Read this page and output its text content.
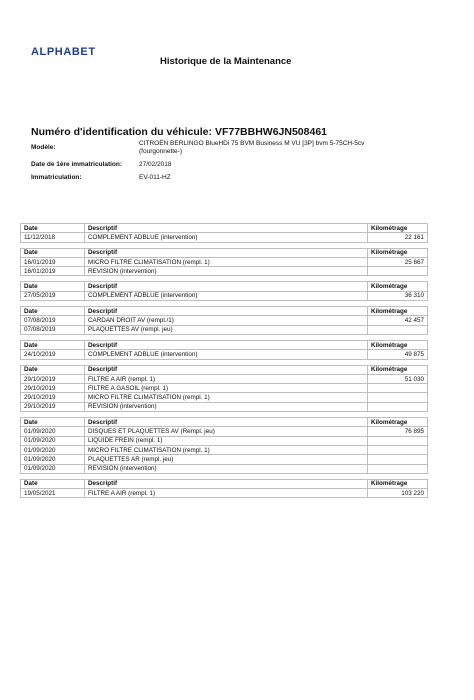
ALPHABET
Historique de la Maintenance
Numéro d'identification du véhicule: VF77BBHW6JN508461
Modèle:
CITROËN BERLINGO BlueHDi 75 BVM Business M VU [3P] bvm 5-75CH-5cv (fourgonnette-)
Date de 1ère immatriculation:	27/02/2018
Immatriculation:	EV-011-HZ
Date	Descriptif	Kilométrage
11/12/2018	COMPLEMENT ADBLUE (intervention)	22 161
Date	Descriptif	Kilométrage
16/01/2019	MICRO FILTRE CLIMATISATION (rempl. 1)	25 667
16/01/2019	REVISION (intervention)	
Date	Descriptif	Kilométrage
27/05/2019	COMPLEMENT ADBLUE (intervention)	36 310
Date	Descriptif	Kilométrage
07/08/2019	CARDAN DROIT AV (rempl./1)	42 457
07/08/2019	PLAQUETTES AV (rempl. jeu)	
Date	Descriptif	Kilométrage
24/10/2019	COMPLEMENT ADBLUE (intervention)	49 875
Date	Descriptif	Kilométrage
29/10/2019	FILTRE A AIR (rempl. 1)	51 030
29/10/2019	FILTRE A GASOIL (rempl. 1)	
29/10/2019	MICRO FILTRE CLIMATISATION (rempl. 1)	
29/10/2019	REVISION (intervention)	
Date	Descriptif	Kilométrage
01/09/2020	DISQUES ET PLAQUETTES AV (Rempl. jeu)	76 895
01/09/2020	LIQUIDE FREIN (rempl. 1)	
01/09/2020	MICRO FILTRE CLIMATISATION (rempl. 1)	
01/09/2020	PLAQUETTES AR (rempl. jeu)	
01/09/2020	REVISION (intervention)	
Date	Descriptif	Kilométrage
19/05/2021	FILTRE A AIR (rempl. 1)	103 220
